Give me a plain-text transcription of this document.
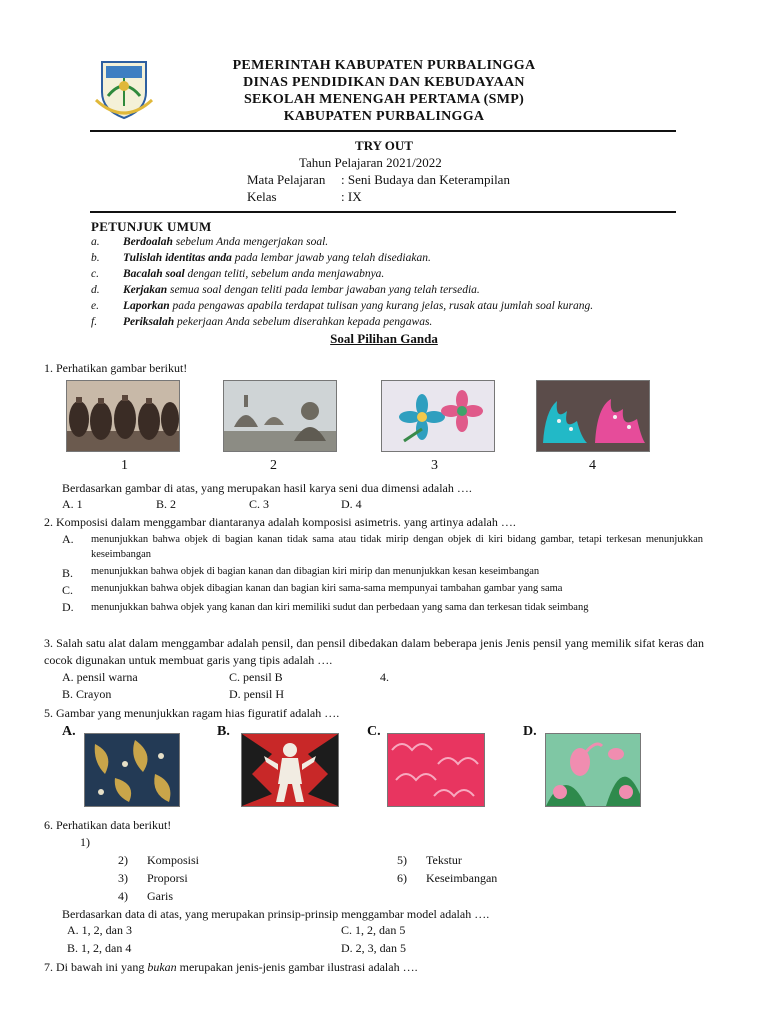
PEMERINTAH KABUPATEN PURBALINGGA
DINAS PENDIDIKAN DAN KEBUDAYAAN
SEKOLAH MENENGAH PERTAMA (SMP)
KABUPATEN PURBALINGGA
TRY OUT
Tahun Pelajaran 2021/2022
Mata Pelajaran : Seni Budaya dan Keterampilan
Kelas	: IX
PETUNJUK UMUM
a. Berdoalah sebelum Anda mengerjakan soal.
b. Tulislah identitas anda pada lembar jawab yang telah disediakan.
c. Bacalah soal dengan teliti, sebelum anda menjawabnya.
d. Kerjakan semua soal dengan teliti pada lembar jawaban yang telah tersedia.
e. Laporkan pada pengawas apabila terdapat tulisan yang kurang jelas, rusak atau jumlah soal kurang.
f. Periksalah pekerjaan Anda sebelum diserahkan kepada pengawas.
Soal Pilihan Ganda
1. Perhatikan gambar berikut!
1	2	3	4
Berdasarkan gambar di atas, yang merupakan hasil karya seni dua dimensi adalah ….
A. 1	B. 2	C. 3	D. 4
2. Komposisi dalam menggambar diantaranya adalah komposisi asimetris. yang artinya adalah ….
A. menunjukkan bahwa objek di bagian kanan tidak sama atau tidak mirip dengan objek di kiri bidang gambar, tetapi terkesan menunjukkan keseimbangan
B. menunjukkan bahwa objek di bagian kanan dan dibagian kiri mirip dan menunjukkan kesan keseimbangan
C. menunjukkan bahwa objek dibagian kanan dan bagian kiri sama-sama mempunyai tambahan gambar yang sama
D. menunjukkan bahwa objek yang kanan dan kiri memiliki sudut dan perbedaan yang sama dan terkesan tidak seimbang
3. Salah satu alat dalam menggambar adalah pensil, dan pensil dibedakan dalam beberapa jenis Jenis pensil yang memilik sifat keras dan cocok digunakan untuk membuat garis yang tipis adalah ….
A. pensil warna	C. pensil B	4.
B. Crayon	D. pensil H
5. Gambar yang menunjukkan ragam hias figuratif adalah ….
A.	B.	C.	D.
6. Perhatikan data berikut!
1)
2) Komposisi
3) Proporsi
4) Garis
5) Tekstur
6) Keseimbangan
Berdasarkan data di atas, yang merupakan prinsip-prinsip menggambar model adalah ….
A. 1, 2, dan 3	C. 1, 2, dan 5
B. 1, 2, dan 4	D. 2, 3, dan 5
7. Di bawah ini yang bukan merupakan jenis-jenis gambar ilustrasi adalah ….
